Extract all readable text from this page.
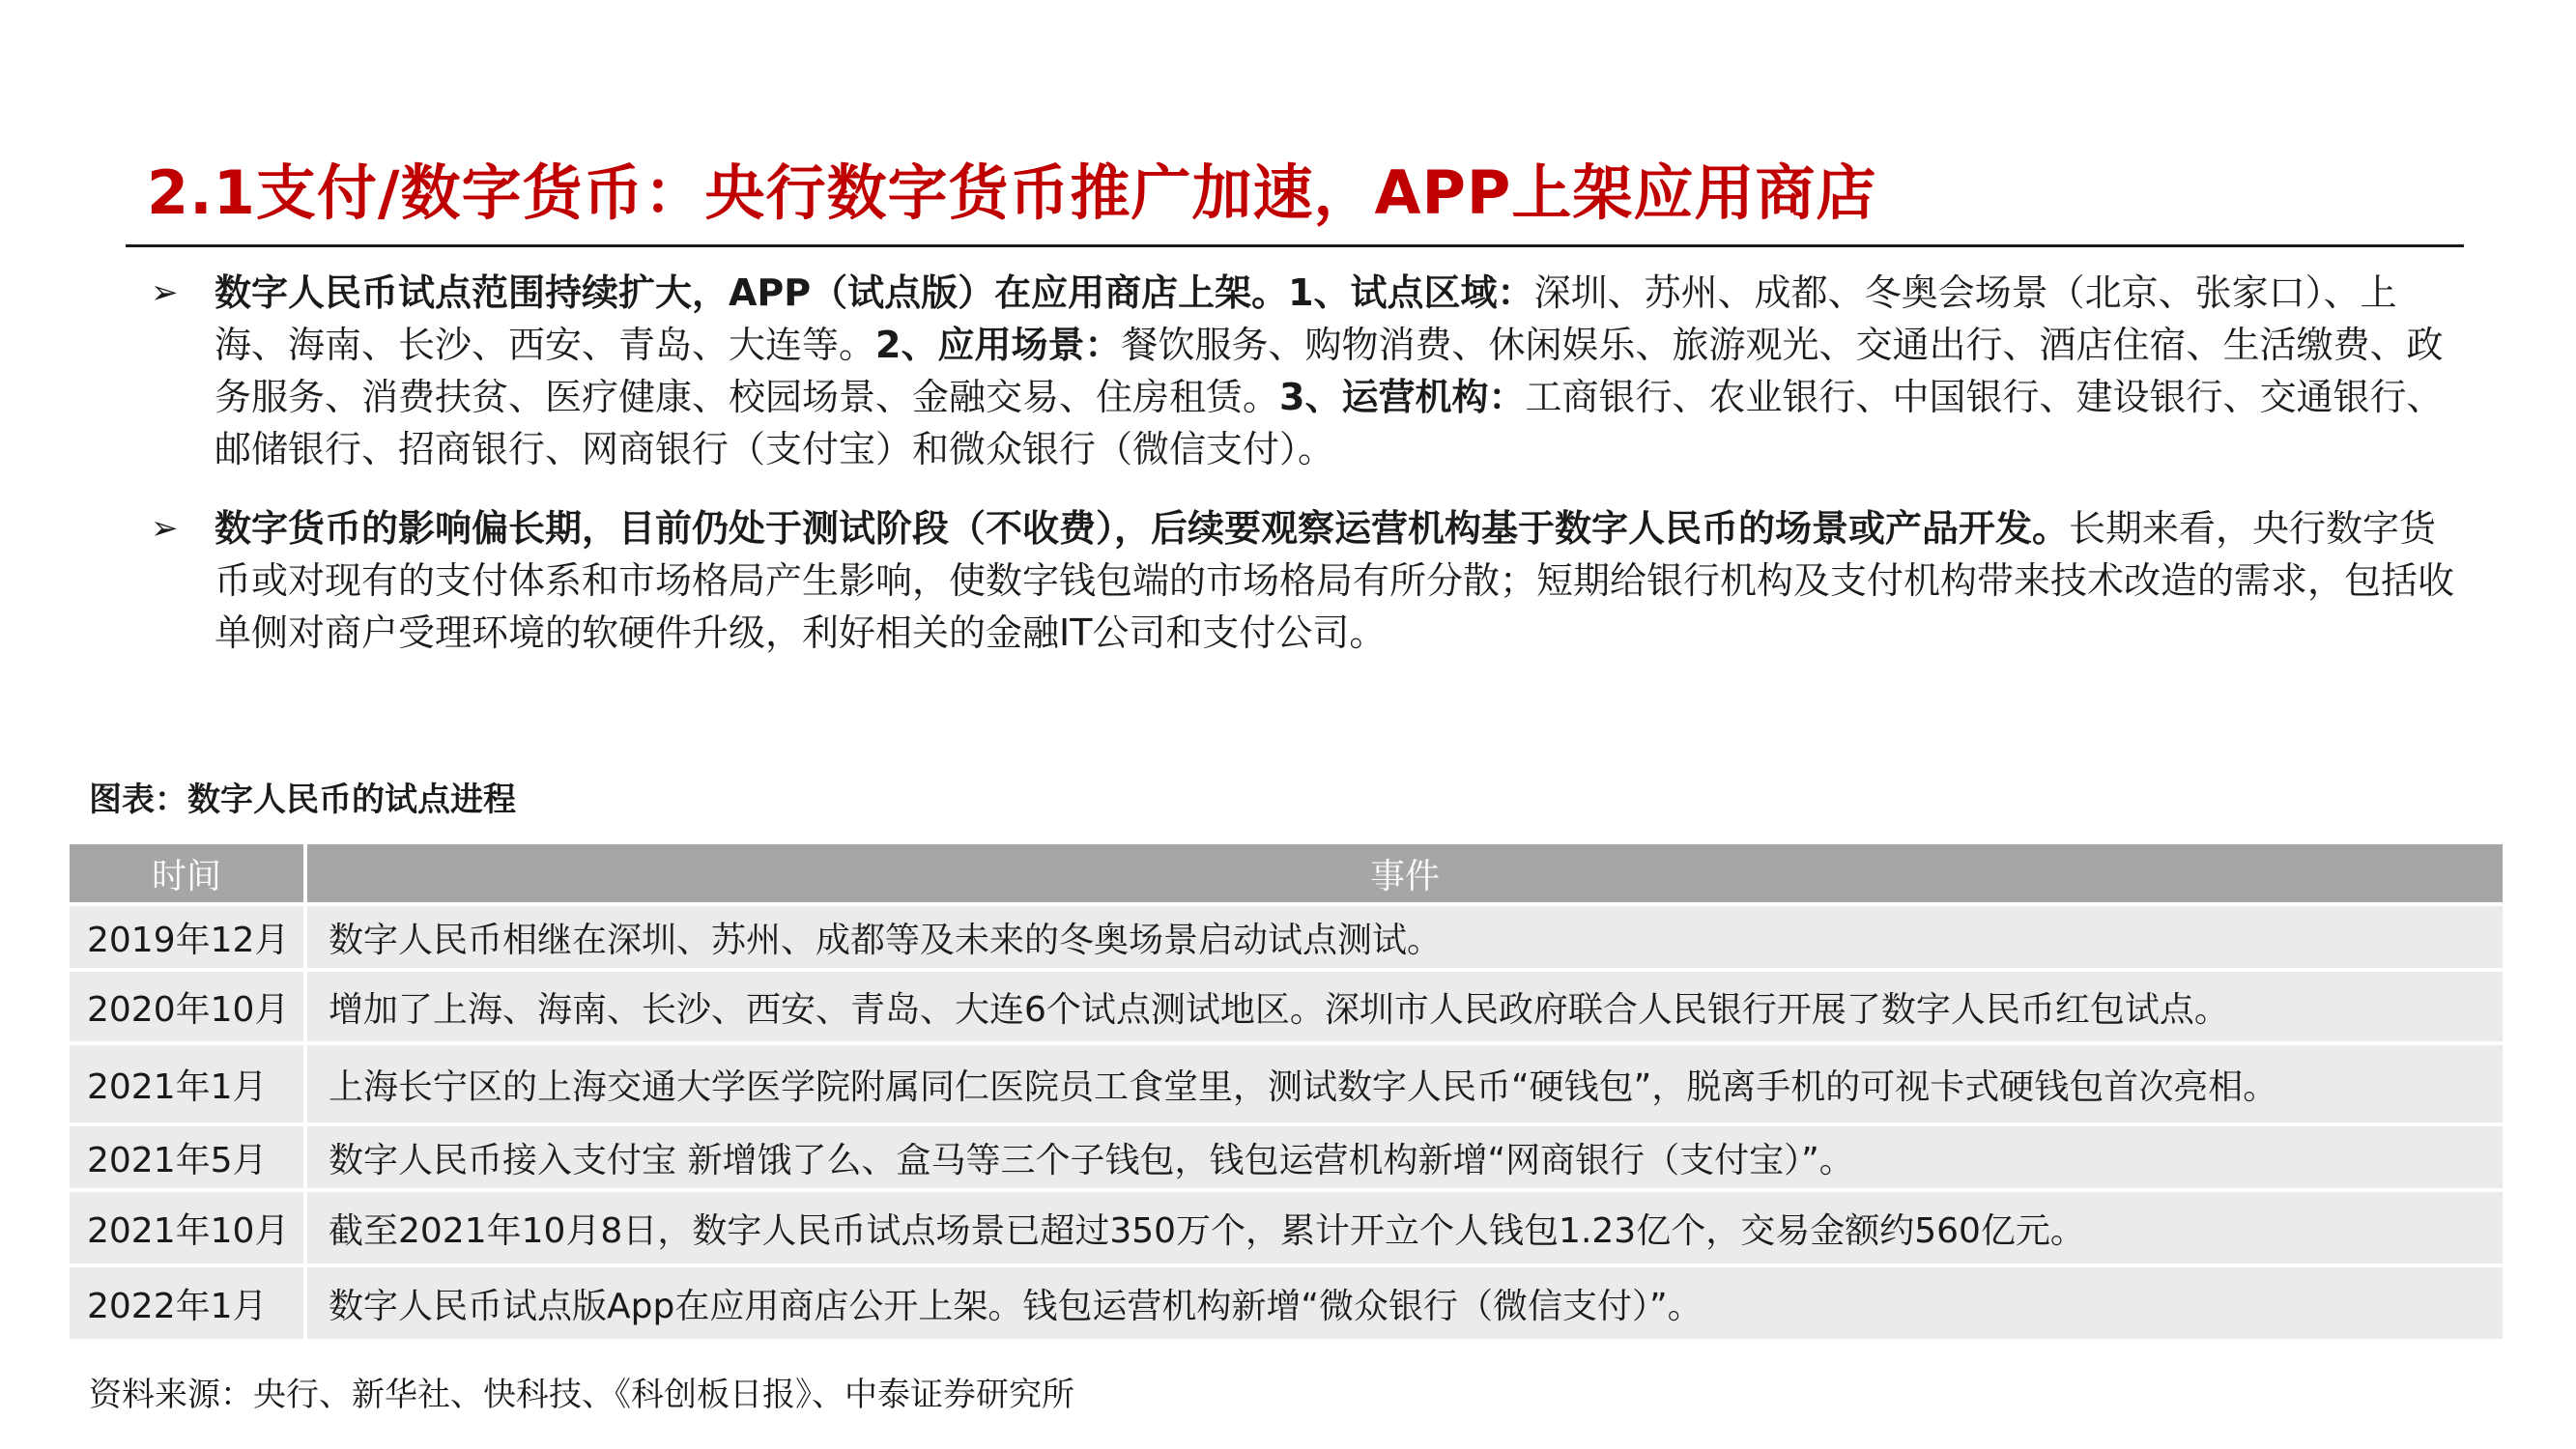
2.1支付/数字货币：央行数字货币推广加速，APP上架应用商店
➢ 数字人民币试点范围持续扩大，APP（试点版）在应用商店上架。1、试点区域：深圳、苏州、成都、冬奥会场景（北京、张家口）、上海、海南、长沙、西安、青岛、大连等。2、应用场景：餐饮服务、购物消费、休闲娱乐、旅游观光、交通出行、酒店住宿、生活缴费、政务服务、消费扶贫、医疗健康、校园场景、金融交易、住房租赁。3、运营机构：工商银行、农业银行、中国银行、建设银行、交通银行、邮储银行、招商银行、网商银行（支付宝）和微众银行（微信支付）。
➢ 数字货币的影响偏长期，目前仍处于测试阶段（不收费），后续要观察运营机构基于数字人民币的场景或产品开发。长期来看，央行数字货币或对现有的支付体系和市场格局产生影响，使数字钱包端的市场格局有所分散；短期给银行机构及支付机构带来技术改造的需求，包括收单侧对商户受理环境的软硬件升级，利好相关的金融IT公司和支付公司。

图表：数字人民币的试点进程

时间	事件
2019年12月	数字人民币相继在深圳、苏州、成都等及未来的冬奥场景启动试点测试。
2020年10月	增加了上海、海南、长沙、西安、青岛、大连6个试点测试地区。深圳市人民政府联合人民银行开展了数字人民币红包试点。
2021年1月	上海长宁区的上海交通大学医学院附属同仁医院员工食堂里，测试数字人民币“硬钱包”，脱离手机的可视卡式硬钱包首次亮相。
2021年5月	数字人民币接入支付宝 新增饿了么、盒马等三个子钱包，钱包运营机构新增“网商银行（支付宝）”。
2021年10月	截至2021年10月8日，数字人民币试点场景已超过350万个，累计开立个人钱包1.23亿个，交易金额约560亿元。
2022年1月	数字人民币试点版App在应用商店公开上架。钱包运营机构新增“微众银行（微信支付）”。

资料来源：央行、新华社、快科技、《科创板日报》、中泰证券研究所
